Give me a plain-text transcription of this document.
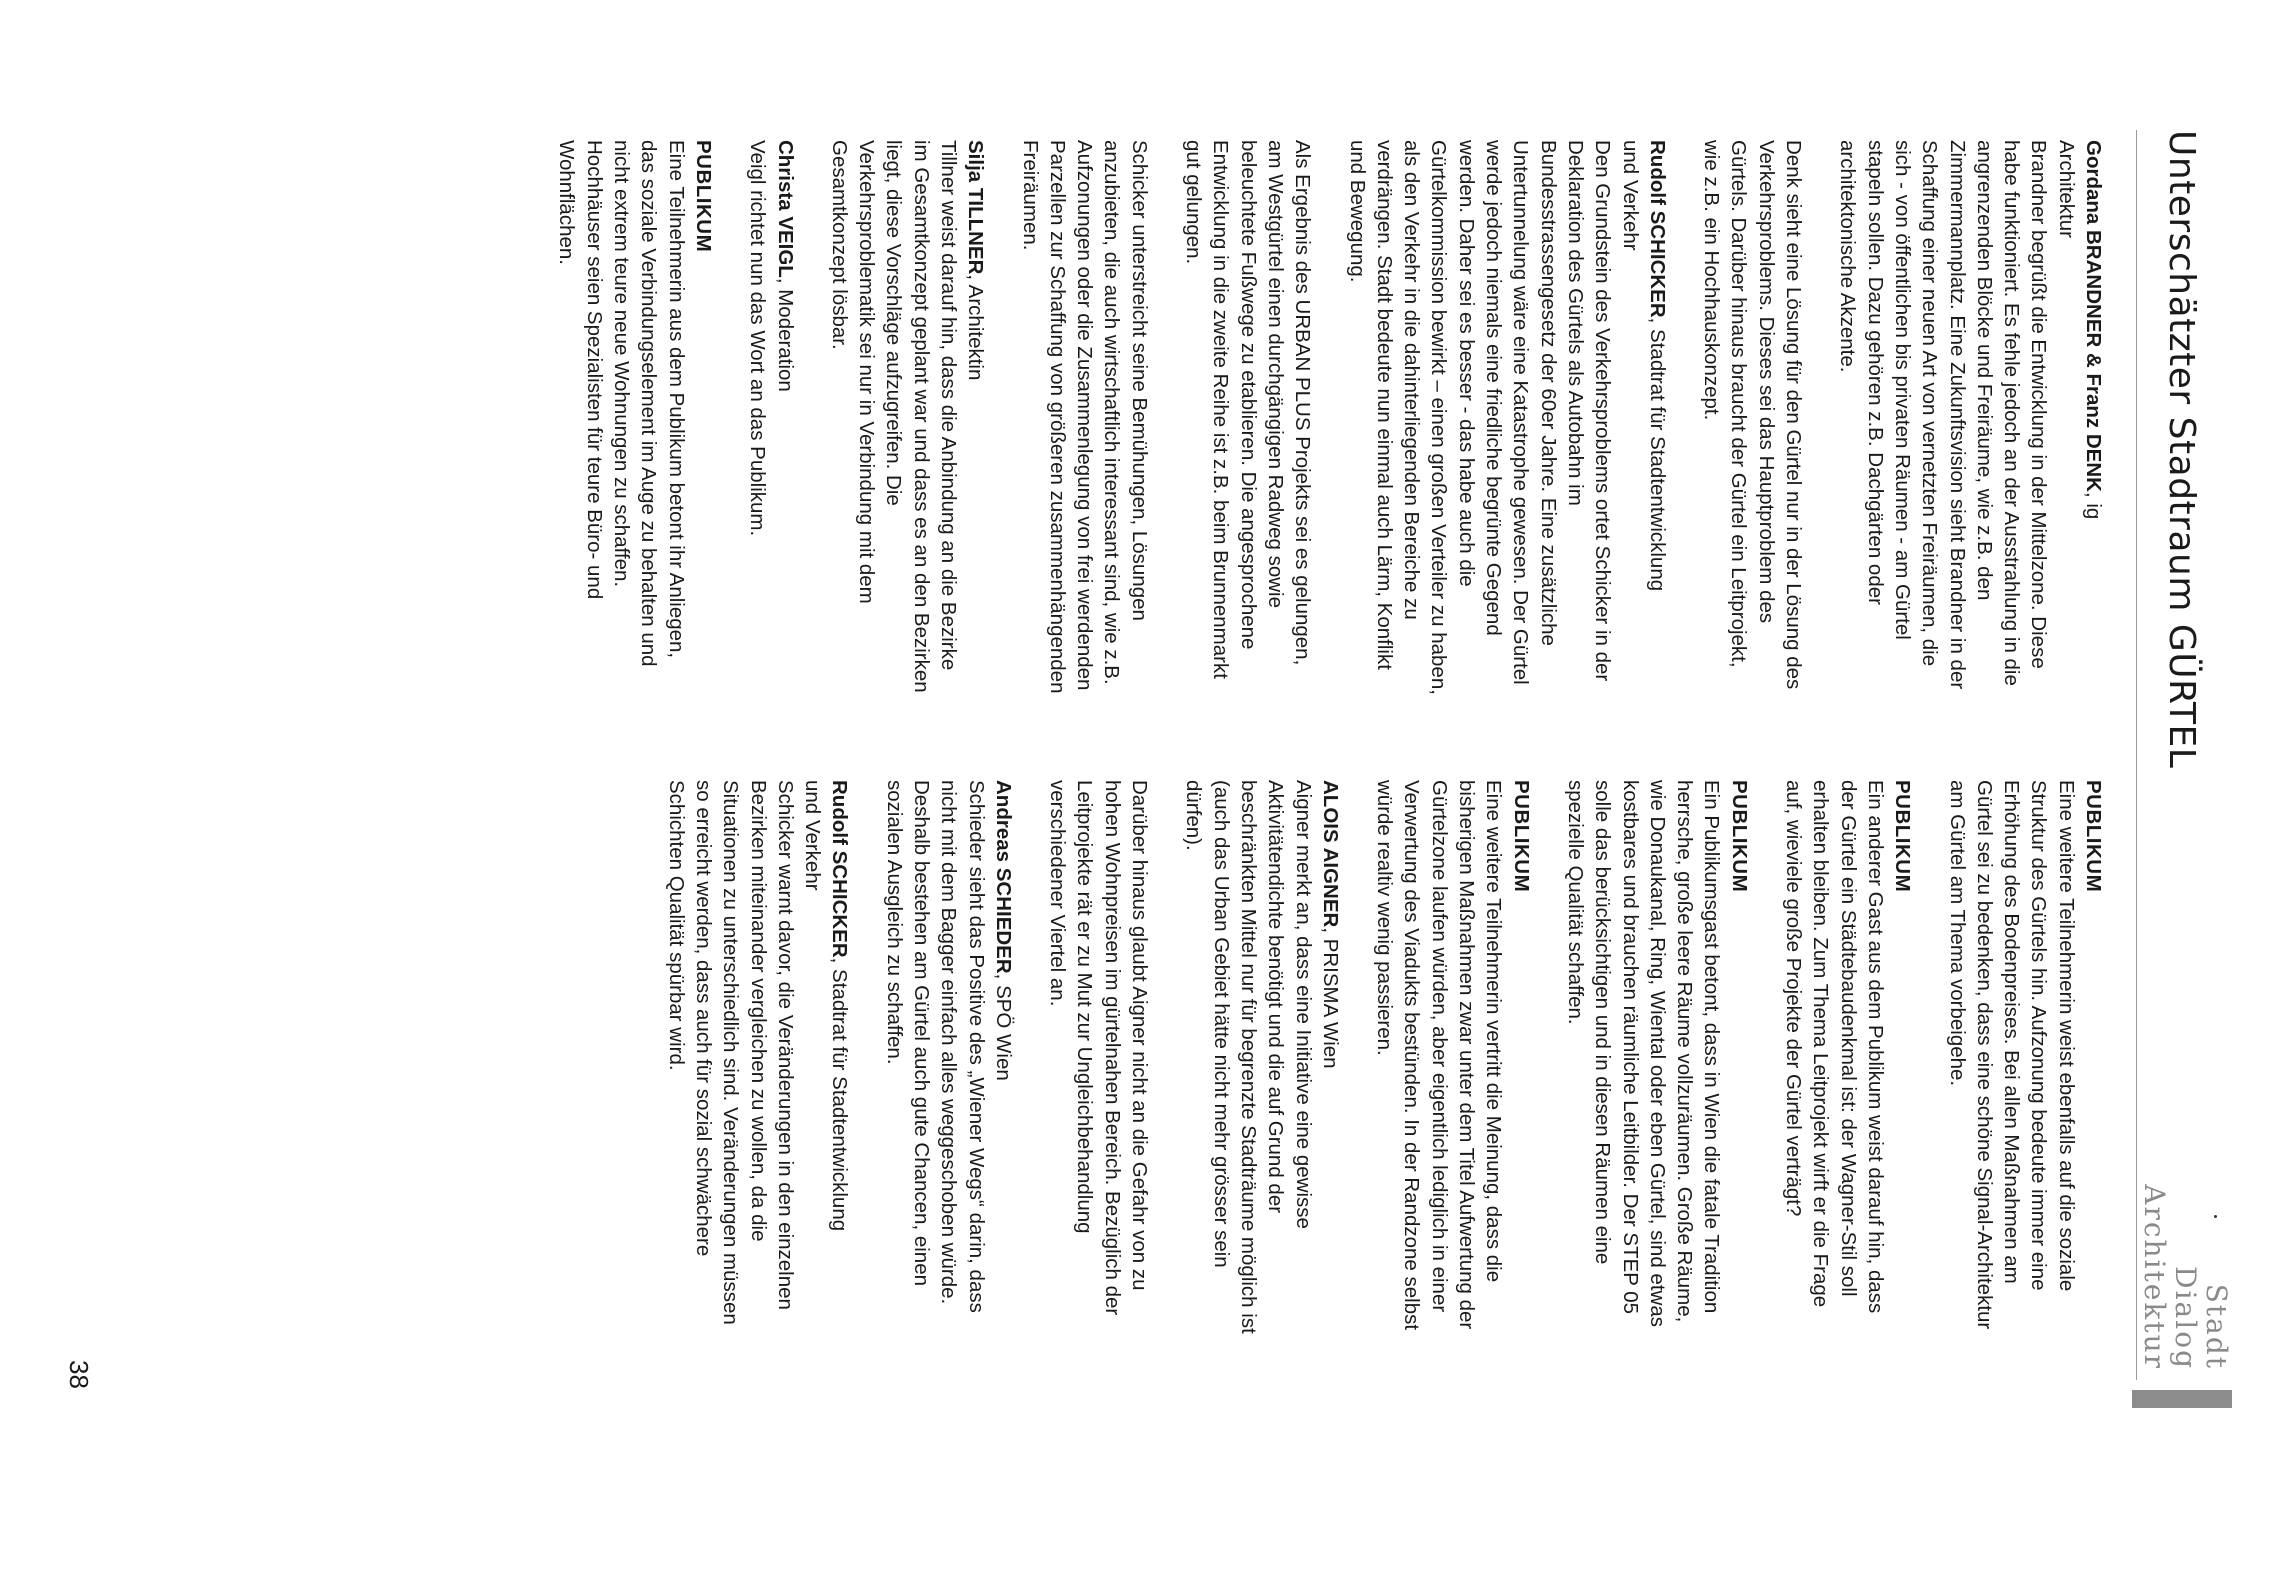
Unterschätzter Stadtraum GÜRTEL
Stadt
Dialog
Architektur
Gordana BRANDNER & Franz DENK, ig
Architektur

Brandner begrüßt die Entwicklung in der Mittelzone. Diese habe funktioniert. Es fehle jedoch an der Ausstrahlung in die angrenzenden Blöcke und Freiräume, wie z.B. den Zimmermannplatz. Eine Zukunftsvision sieht Brandner in der Schaffung einer neuen Art von vernetzten Freiräumen, die sich - von öffentlichen bis privaten Räumen - am Gürtel stapeln sollen. Dazu gehören z.B. Dachgärten oder architektonische Akzente.

Denk sieht eine Lösung für den Gürtel nur in der Lösung des Verkehrsproblems. Dieses sei das Hauptproblem des Gürtels. Darüber hinaus braucht der Gürtel ein Leitprojekt, wie z.B. ein Hochhauskonzept.

Rudolf SCHICKER, Stadtrat für Stadtentwicklung
und Verkehr

Den Grundstein des Verkehrsproblems ortet Schicker in der Deklaration des Gürtels als Autobahn im Bundesstrassengesetz der 60er Jahre. Eine zusätzliche Untertunnelung wäre eine Katastrophe gewesen. Der Gürtel werde jedoch niemals eine friedliche begrünte Gegend werden. Daher sei es besser - das habe auch die Gürtelkommission bewirkt – einen großen Verteiler zu haben, als den Verkehr in die dahinterliegenden Bereiche zu verdrängen. Stadt bedeute nun einmal auch Lärm, Konflikt und Bewegung.

Als Ergebnis des URBAN PLUS Projekts sei es gelungen, am Westgürtel einen durchgängigen Radweg sowie beleuchtete Fußwege zu etablieren. Die angesprochene Entwicklung in die zweite Reihe ist z.B. beim Brunnenmarkt gut gelungen.

Schicker unterstreicht seine Bemühungen, Lösungen anzubieten, die auch wirtschaftlich interessant sind, wie z.B. Aufzonungen oder die Zusammenlegung von frei werdenden Parzellen zur Schaffung von größeren zusammenhängenden Freiräumen.

Silja TILLNER, Architektin

Tillner weist darauf hin, dass die Anbindung an die Bezirke im Gesamtkonzept geplant war und dass es an den Bezirken liegt, diese Vorschläge aufzugreifen. Die Verkehrsproblematik sei nur in Verbindung mit dem Gesamtkonzept lösbar.

Christa VEIGL, Moderation

Veigl richtet nun das Wort an das Publikum.

PUBLIKUM

Eine Teilnehmerin aus dem Publikum betont ihr Anliegen, das soziale Verbindungselement im Auge zu behalten und nicht extrem teure neue Wohnungen zu schaffen. Hochhäuser seien Spezialisten für teure Büro- und Wohnflächen.

PUBLIKUM

Eine weitere Teilnehmerin weist ebenfalls auf die soziale Struktur des Gürtels hin. Aufzonung bedeute immer eine Erhöhung des Bodenpreises. Bei allen Maßnahmen am Gürtel sei zu bedenken, dass eine schöne Signal-Architektur am Gürtel am Thema vorbeigehe.

PUBLIKUM

Ein anderer Gast aus dem Publikum weist darauf hin, dass der Gürtel ein Städtebaudenkmal ist: der Wagner-Stil soll erhalten bleiben. Zum Thema Leitprojekt wirft er die Frage auf, wieviele große Projekte der Gürtel verträgt?

PUBLIKUM

Ein Publikumsgast betont, dass in Wien die fatale Tradition herrsche, große leere Räume vollzuräumen. Große Räume, wie Donaukanal, Ring, Wiental oder eben Gürtel, sind etwas kostbares und brauchen räumliche Leitbilder. Der STEP 05 solle das berücksichtigen und in diesen Räumen eine spezielle Qualität schaffen.

PUBLIKUM

Eine weitere Teilnehmerin vertritt die Meinung, dass die bisherigen Maßnahmen zwar unter dem Titel Aufwertung der Gürtelzone laufen würden, aber eigentlich lediglich in einer Verwertung des Viadukts bestünden. In der Randzone selbst würde realtiv wenig passieren.

ALOIS AIGNER, PRISMA Wien

Aigner merkt an, dass eine Initiative eine gewisse Aktivitätendichte benötigt und die auf Grund der beschränkten Mittel nur für begrenzte Stadträume möglich ist (auch das Urban Gebiet hätte nicht mehr grösser sein dürfen).

Darüber hinaus glaubt Aigner nicht an die Gefahr von zu hohen Wohnpreisen im gürtelnahen Bereich. Bezüglich der Leitprojekte rät er zu Mut zur Ungleichbehandlung verschiedener Viertel an.

Andreas SCHIEDER, SPÖ Wien

Schieder sieht das Positive des „Wiener Wegs“ darin, dass nicht mit dem Bagger einfach alles weggeschoben würde. Deshalb bestehen am Gürtel auch gute Chancen, einen sozialen Ausgleich zu schaffen.

Rudolf SCHICKER, Stadtrat für Stadtentwicklung
und Verkehr

Schicker warnt davor, die Veränderungen in den einzelnen Bezirken miteinander vergleichen zu wollen, da die Situationen zu unterschiedlich sind. Veränderungen müssen so erreicht werden, dass auch für sozial schwächere Schichten Qualität spürbar wird.

38
